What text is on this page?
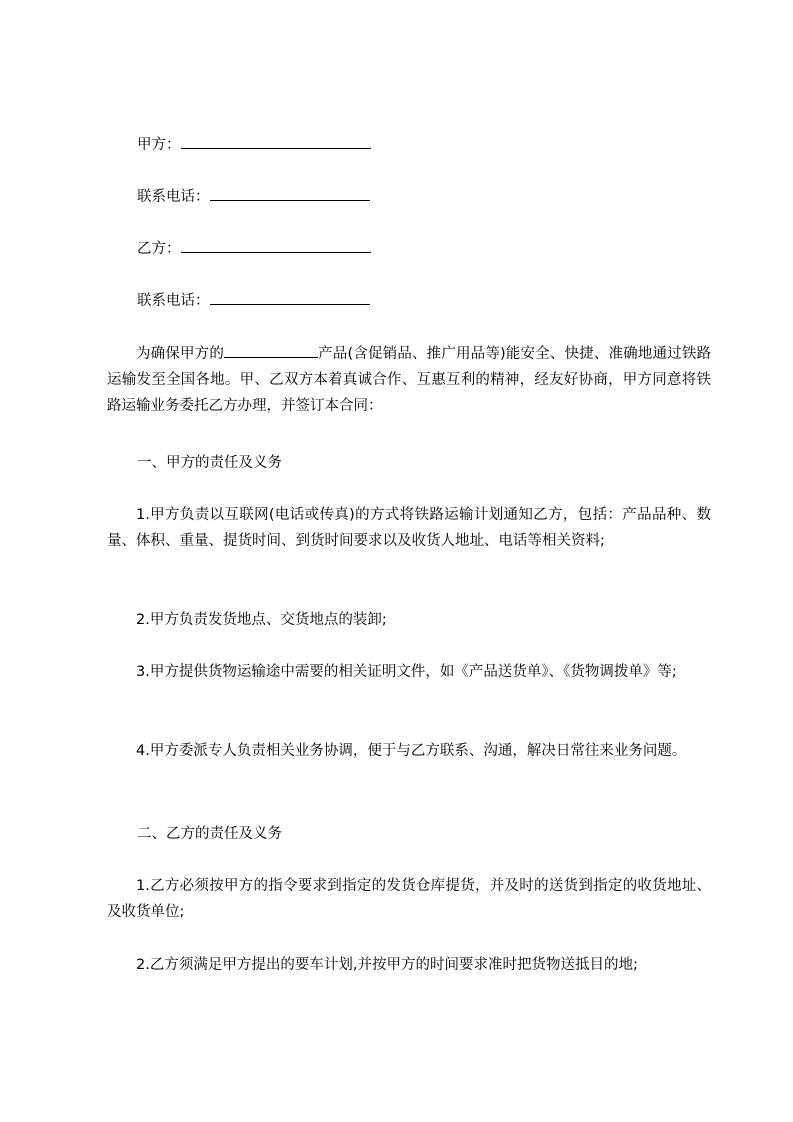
甲方：
联系电话：
乙方：
联系电话：
为确保甲方的	产品(含促销品、推广用品等)能安全、快捷、准确地通过铁路运输发至全国各地。甲、乙双方本着真诚合作、互惠互利的精神，经友好协商，甲方同意将铁路运输业务委托乙方办理，并签订本合同：
一、甲方的责任及义务
1.甲方负责以互联网(电话或传真)的方式将铁路运输计划通知乙方，包括：产品品种、数量、体积、重量、提货时间、到货时间要求以及收货人地址、电话等相关资料;
2.甲方负责发货地点、交货地点的装卸;
3.甲方提供货物运输途中需要的相关证明文件，如《产品送货单》、《货物调拨单》等;
4.甲方委派专人负责相关业务协调，便于与乙方联系、沟通，解决日常往来业务问题。
二、乙方的责任及义务
1.乙方必须按甲方的指令要求到指定的发货仓库提货，并及时的送货到指定的收货地址、及收货单位;
2.乙方须满足甲方提出的要车计划,并按甲方的时间要求准时把货物送抵目的地;
